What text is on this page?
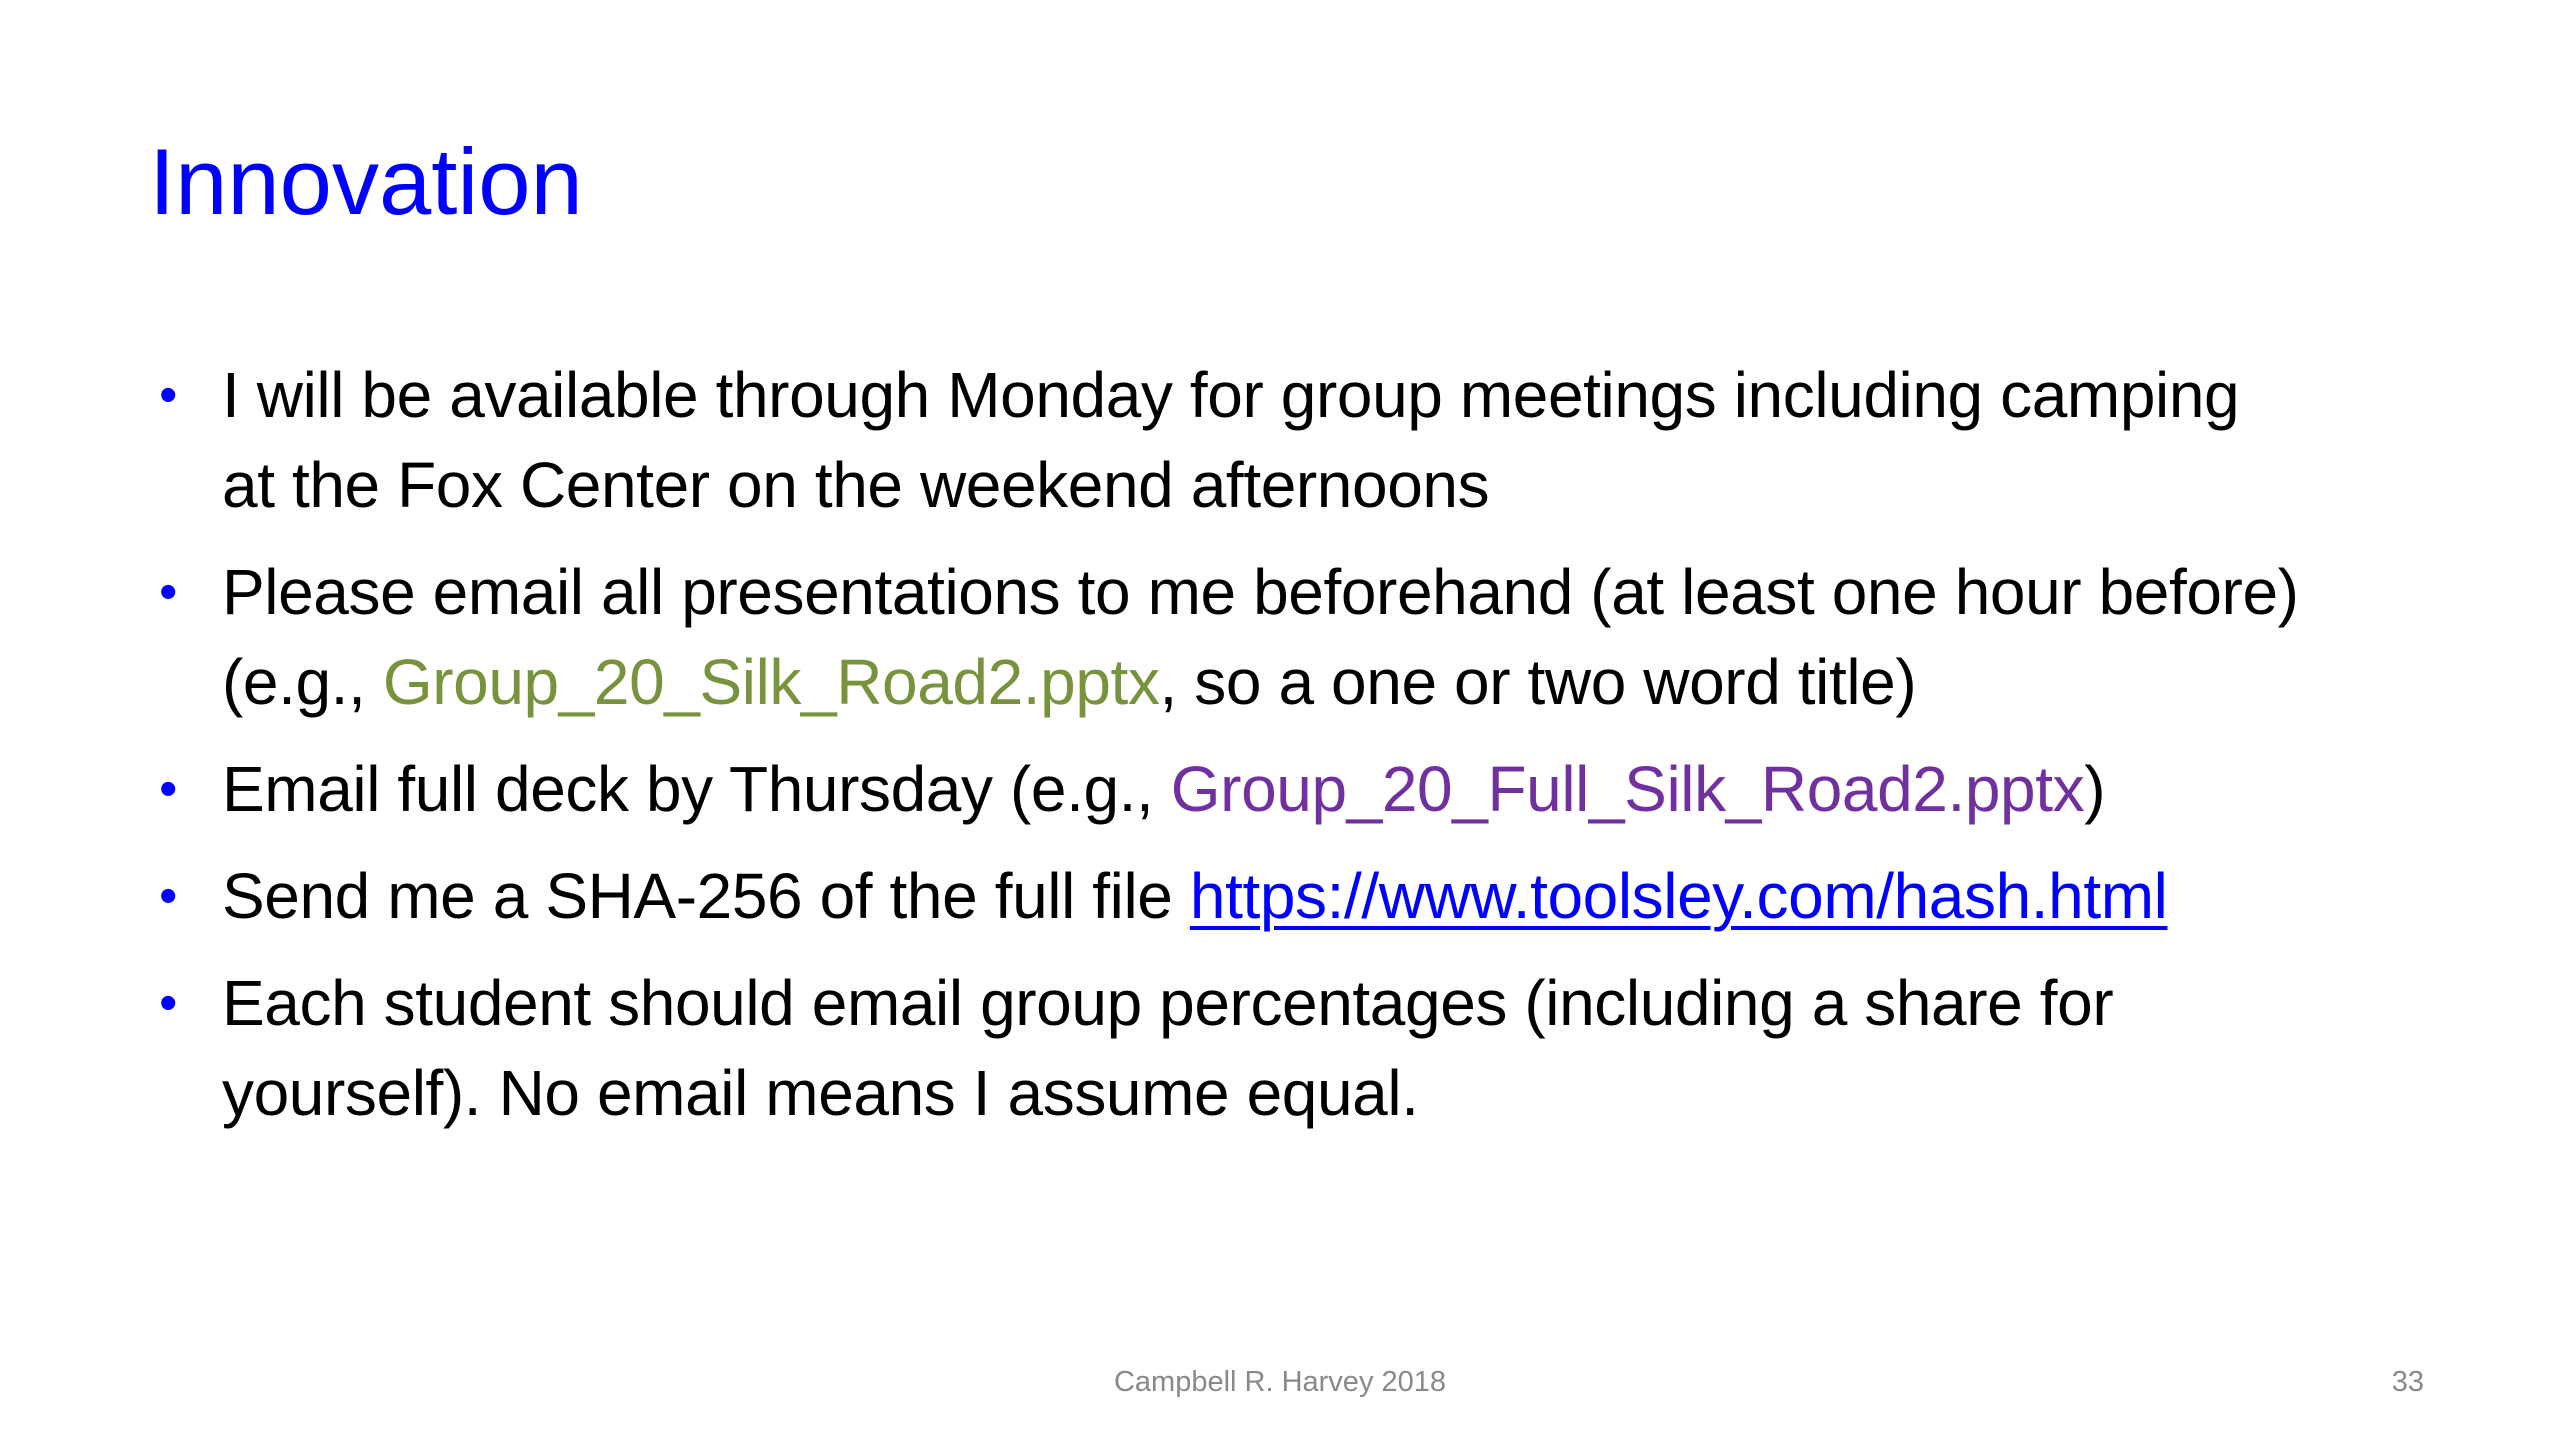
Innovation
• I will be available through Monday for group meetings including camping
at the Fox Center on the weekend afternoons
• Please email all presentations to me beforehand (at least one hour before)
(e.g., Group_20_Silk_Road2.pptx, so a one or two word title)
• Email full deck by Thursday (e.g., Group_20_Full_Silk_Road2.pptx)
• Send me a SHA-256 of the full file https://www.toolsley.com/hash.html
• Each student should email group percentages (including a share for
yourself). No email means I assume equal.
Campbell R. Harvey 2018	33
